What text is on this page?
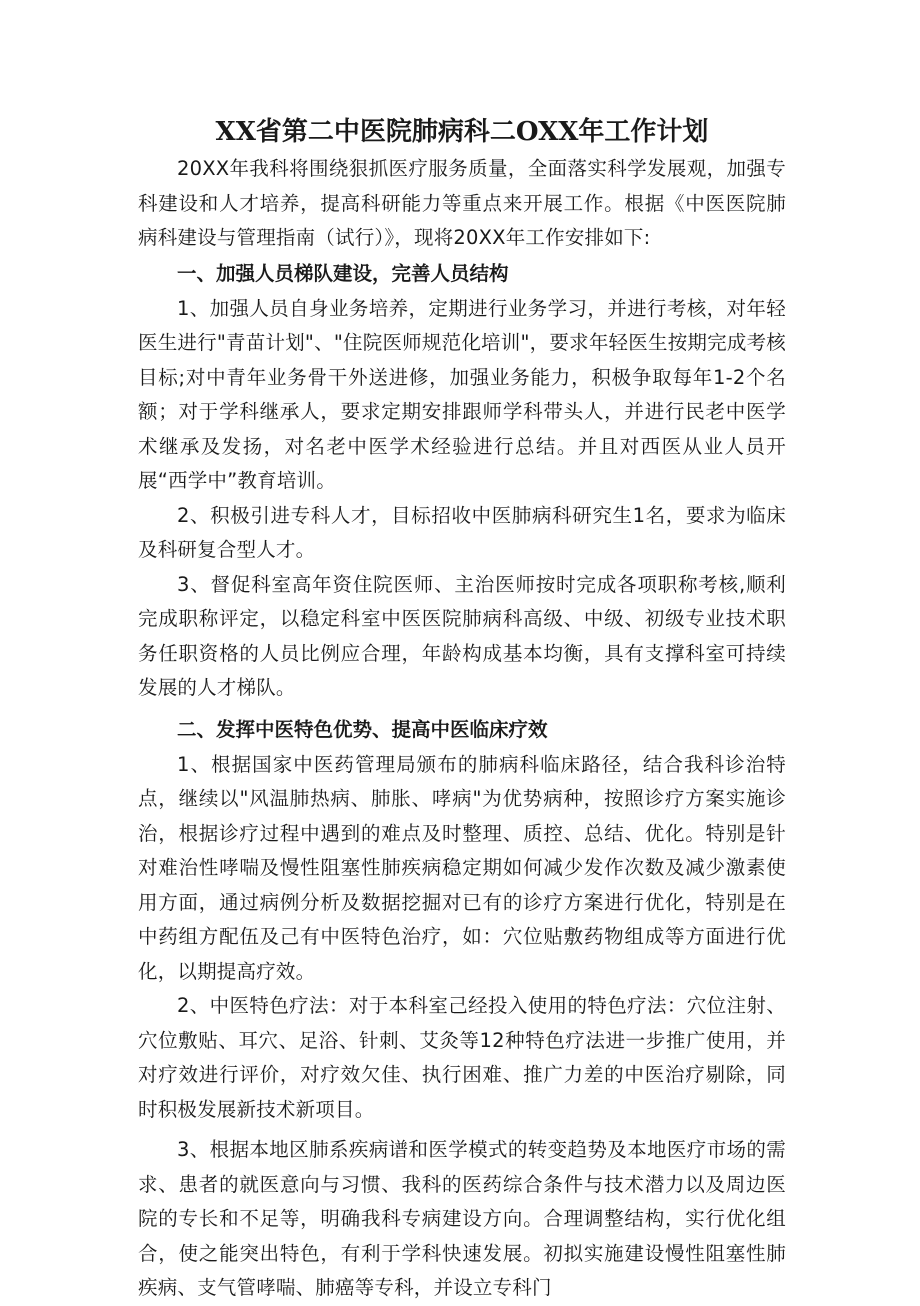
XX省第二中医院肺病科二OXX年工作计划

20XX年我科将围绕狠抓医疗服务质量，全面落实科学发展观，加强专科建设和人才培养，提高科研能力等重点来开展工作。根据《中医医院肺病科建设与管理指南（试行）》，现将20XX年工作安排如下:

一、加强人员梯队建设，完善人员结构

1、加强人员自身业务培养，定期进行业务学习，并进行考核，对年轻医生进行"青苗计划"、"住院医师规范化培训"，要求年轻医生按期完成考核目标;对中青年业务骨干外送进修，加强业务能力，积极争取每年1-2个名额；对于学科继承人，要求定期安排跟师学科带头人，并进行民老中医学术继承及发扬，对名老中医学术经验进行总结。并且对西医从业人员开展“西学中”教育培训。

2、积极引进专科人才，目标招收中医肺病科研究生1名，要求为临床及科研复合型人才。

3、督促科室高年资住院医师、主治医师按时完成各项职称考核,顺利完成职称评定，以稳定科室中医医院肺病科高级、中级、初级专业技术职务任职资格的人员比例应合理，年龄构成基本均衡，具有支撑科室可持续发展的人才梯队。

二、发挥中医特色优势、提高中医临床疗效

1、根据国家中医药管理局颁布的肺病科临床路径，结合我科诊治特点，继续以"风温肺热病、肺胀、哮病"为优势病种，按照诊疗方案实施诊治，根据诊疗过程中遇到的难点及时整理、质控、总结、优化。特别是针对难治性哮喘及慢性阻塞性肺疾病稳定期如何减少发作次数及减少激素使用方面，通过病例分析及数据挖掘对已有的诊疗方案进行优化，特别是在中药组方配伍及己有中医特色治疗，如：穴位贴敷药物组成等方面进行优化，以期提高疗效。

2、中医特色疗法：对于本科室己经投入使用的特色疗法：穴位注射、穴位敷贴、耳穴、足浴、针刺、艾灸等12种特色疗法进一步推广使用，并对疗效进行评价，对疗效欠佳、执行困难、推广力差的中医治疗剔除，同时积极发展新技术新项目。

3、根据本地区肺系疾病谱和医学模式的转变趋势及本地医疗市场的需求、患者的就医意向与习惯、我科的医药综合条件与技术潜力以及周边医院的专长和不足等，明确我科专病建设方向。合理调整结构，实行优化组合，使之能突出特色，有利于学科快速发展。初拟实施建设慢性阻塞性肺疾病、支气管哮喘、肺癌等专科，并设立专科门
